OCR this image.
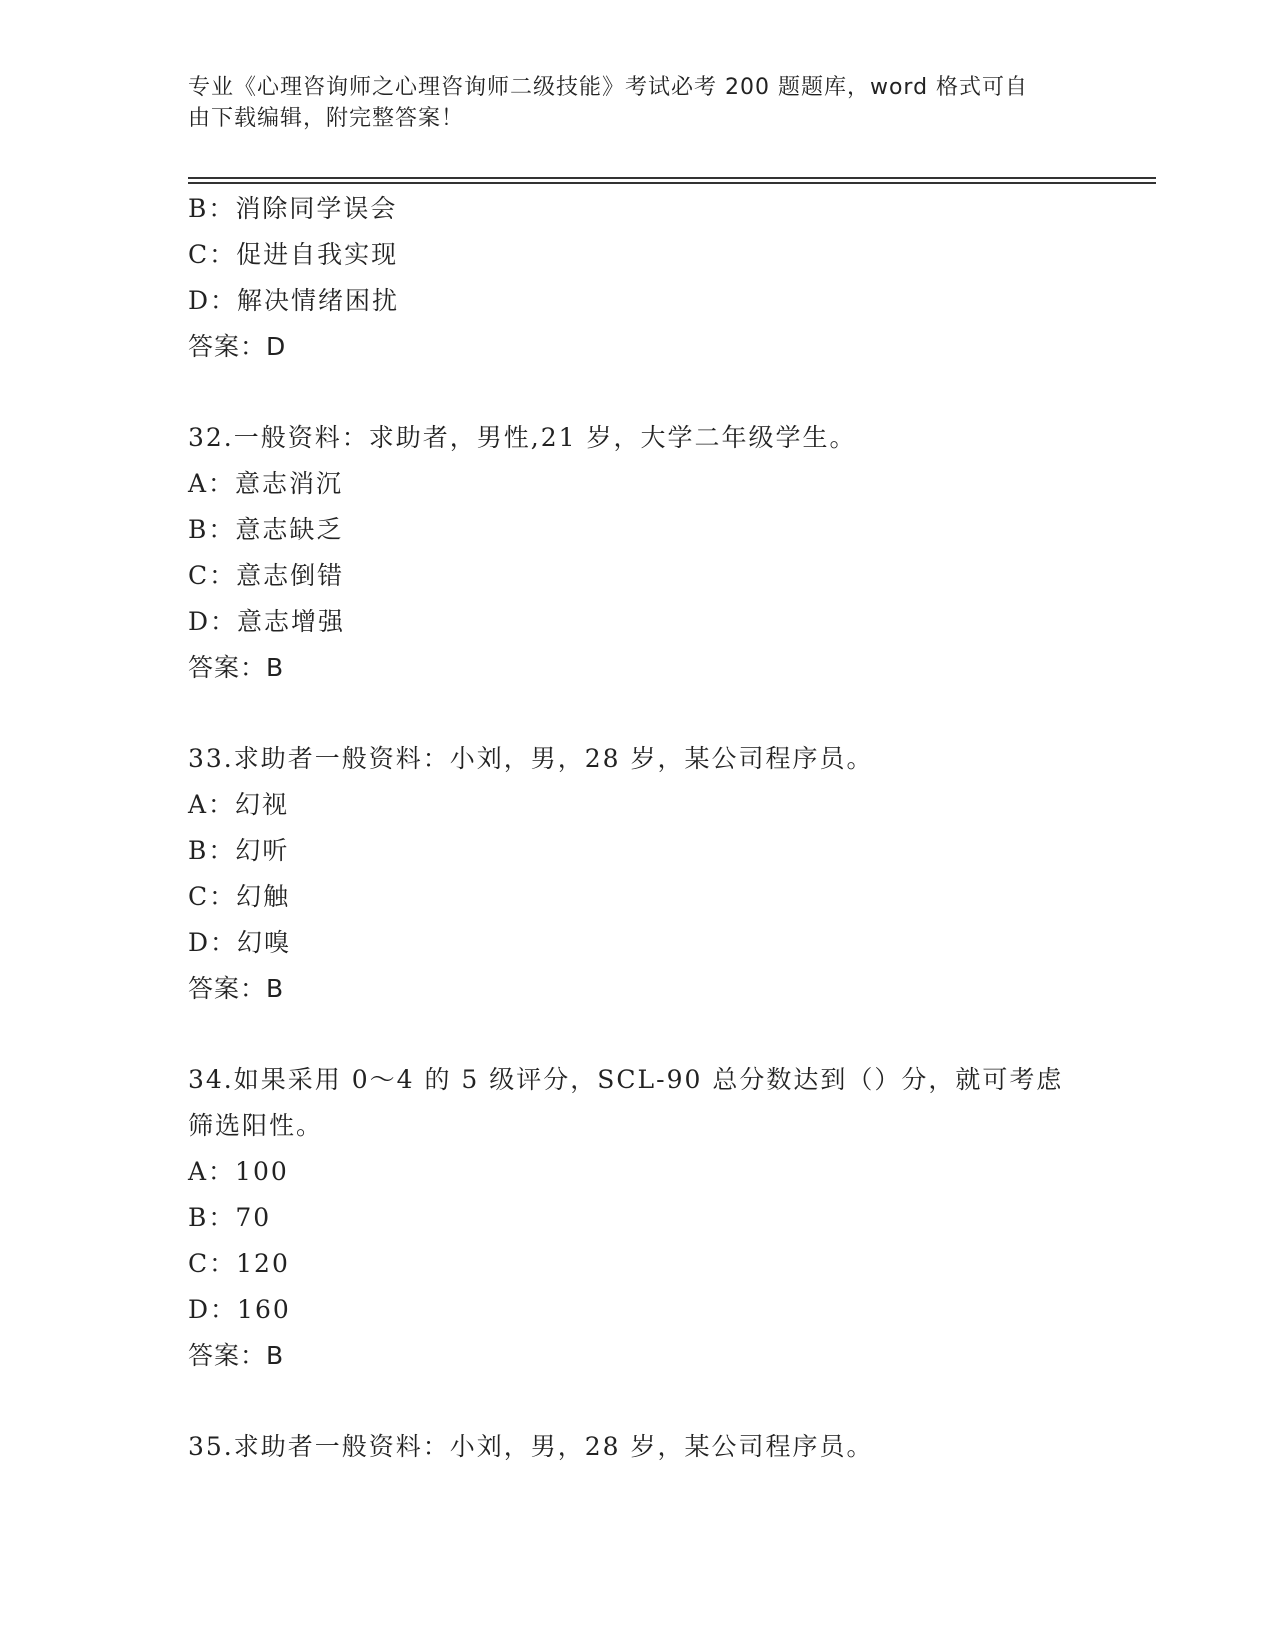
专业《心理咨询师之心理咨询师二级技能》考试必考 200 题题库，word 格式可自
由下载编辑，附完整答案！
B：消除同学误会
C：促进自我实现
D：解决情绪困扰
答案：D
32.一般资料：求助者，男性,21 岁，大学二年级学生。
A：意志消沉
B：意志缺乏
C：意志倒错
D：意志增强
答案：B
33.求助者一般资料：小刘，男，28 岁，某公司程序员。
A：幻视
B：幻听
C：幻触
D：幻嗅
答案：B
34.如果采用 0～4 的 5 级评分，SCL-90 总分数达到（）分，就可考虑
筛选阳性。
A：100
B：70
C：120
D：160
答案：B
35.求助者一般资料：小刘，男，28 岁，某公司程序员。
